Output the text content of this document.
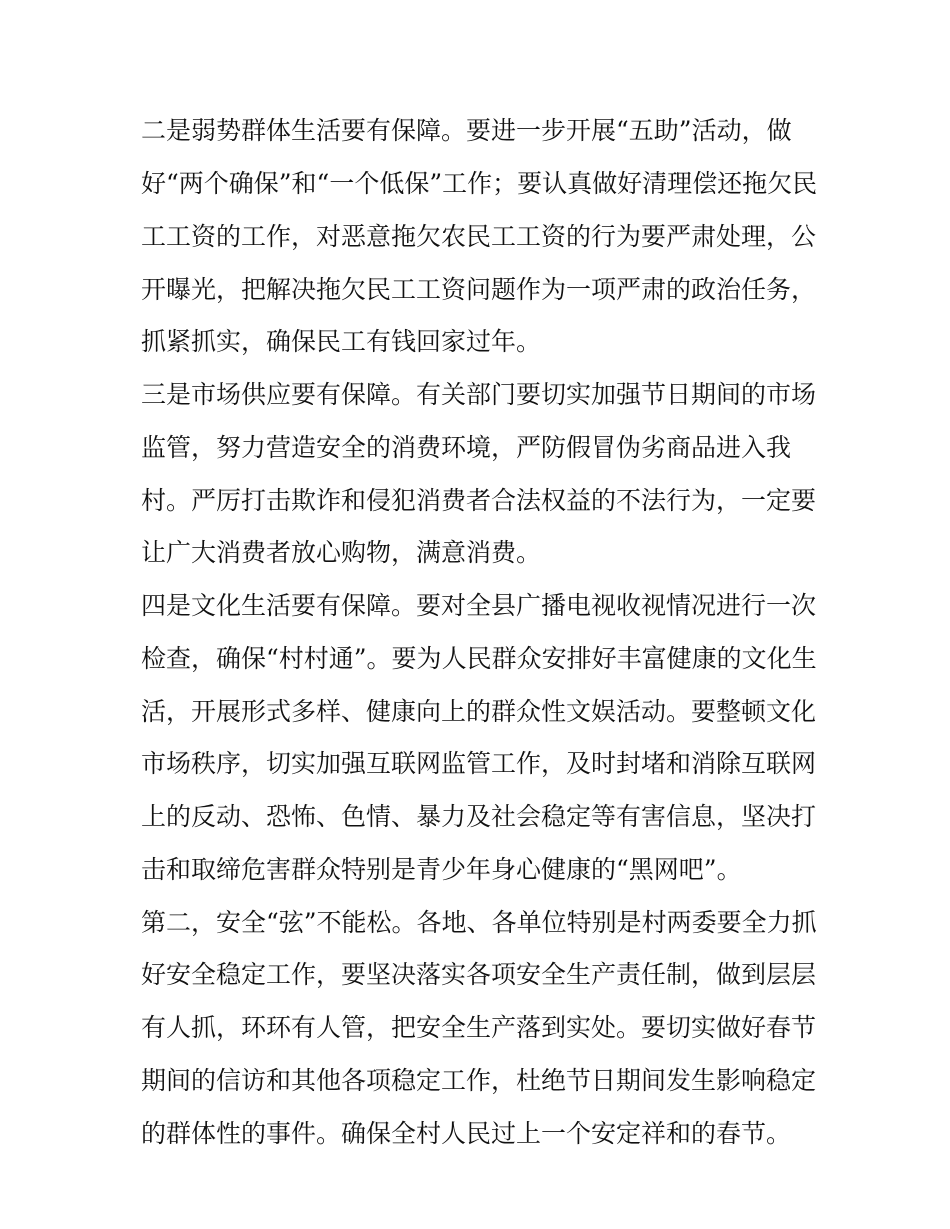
二是弱势群体生活要有保障。要进一步开展“五助”活动，做
好“两个确保”和“一个低保”工作；要认真做好清理偿还拖欠民
工工资的工作，对恶意拖欠农民工工资的行为要严肃处理，公
开曝光，把解决拖欠民工工资问题作为一项严肃的政治任务，
抓紧抓实，确保民工有钱回家过年。
三是市场供应要有保障。有关部门要切实加强节日期间的市场
监管，努力营造安全的消费环境，严防假冒伪劣商品进入我
村。严厉打击欺诈和侵犯消费者合法权益的不法行为，一定要
让广大消费者放心购物，满意消费。
四是文化生活要有保障。要对全县广播电视收视情况进行一次
检查，确保“村村通”。要为人民群众安排好丰富健康的文化生
活，开展形式多样、健康向上的群众性文娱活动。要整顿文化
市场秩序，切实加强互联网监管工作，及时封堵和消除互联网
上的反动、恐怖、色情、暴力及社会稳定等有害信息，坚决打
击和取缔危害群众特别是青少年身心健康的“黑网吧”。
第二，安全“弦”不能松。各地、各单位特别是村两委要全力抓
好安全稳定工作，要坚决落实各项安全生产责任制，做到层层
有人抓，环环有人管，把安全生产落到实处。要切实做好春节
期间的信访和其他各项稳定工作，杜绝节日期间发生影响稳定
的群体性的事件。确保全村人民过上一个安定祥和的春节。
